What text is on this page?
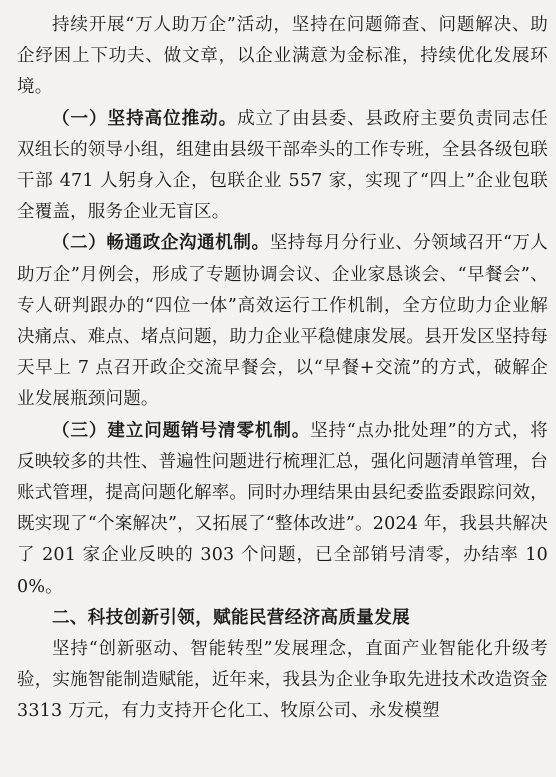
持续开展“万人助万企”活动，坚持在问题筛查、问题解决、助企纾困上下功夫、做文章，以企业满意为金标准，持续优化发展环境。

（一）坚持高位推动。成立了由县委、县政府主要负责同志任双组长的领导小组，组建由县级干部牵头的工作专班，全县各级包联干部 471 人躬身入企，包联企业 557 家，实现了“四上”企业包联全覆盖，服务企业无盲区。

（二）畅通政企沟通机制。坚持每月分行业、分领域召开“万人助万企”月例会，形成了专题协调会议、企业家恳谈会、“早餐会”、专人研判跟办的“四位一体”高效运行工作机制，全方位助力企业解决痛点、难点、堵点问题，助力企业平稳健康发展。县开发区坚持每天早上 7 点召开政企交流早餐会，以“早餐+交流”的方式，破解企业发展瓶颈问题。

（三）建立问题销号清零机制。坚持“点办批处理”的方式，将反映较多的共性、普遍性问题进行梳理汇总，强化问题清单管理，台账式管理，提高问题化解率。同时办理结果由县纪委监委跟踪问效，既实现了“个案解决”，又拓展了“整体改进”。2024 年，我县共解决了 201 家企业反映的 303 个问题，已全部销号清零，办结率 100%。

二、科技创新引领，赋能民营经济高质量发展

坚持“创新驱动、智能转型”发展理念，直面产业智能化升级考验，实施智能制造赋能，近年来，我县为企业争取先进技术改造资金 3313 万元，有力支持开仑化工、牧原公司、永发模塑
